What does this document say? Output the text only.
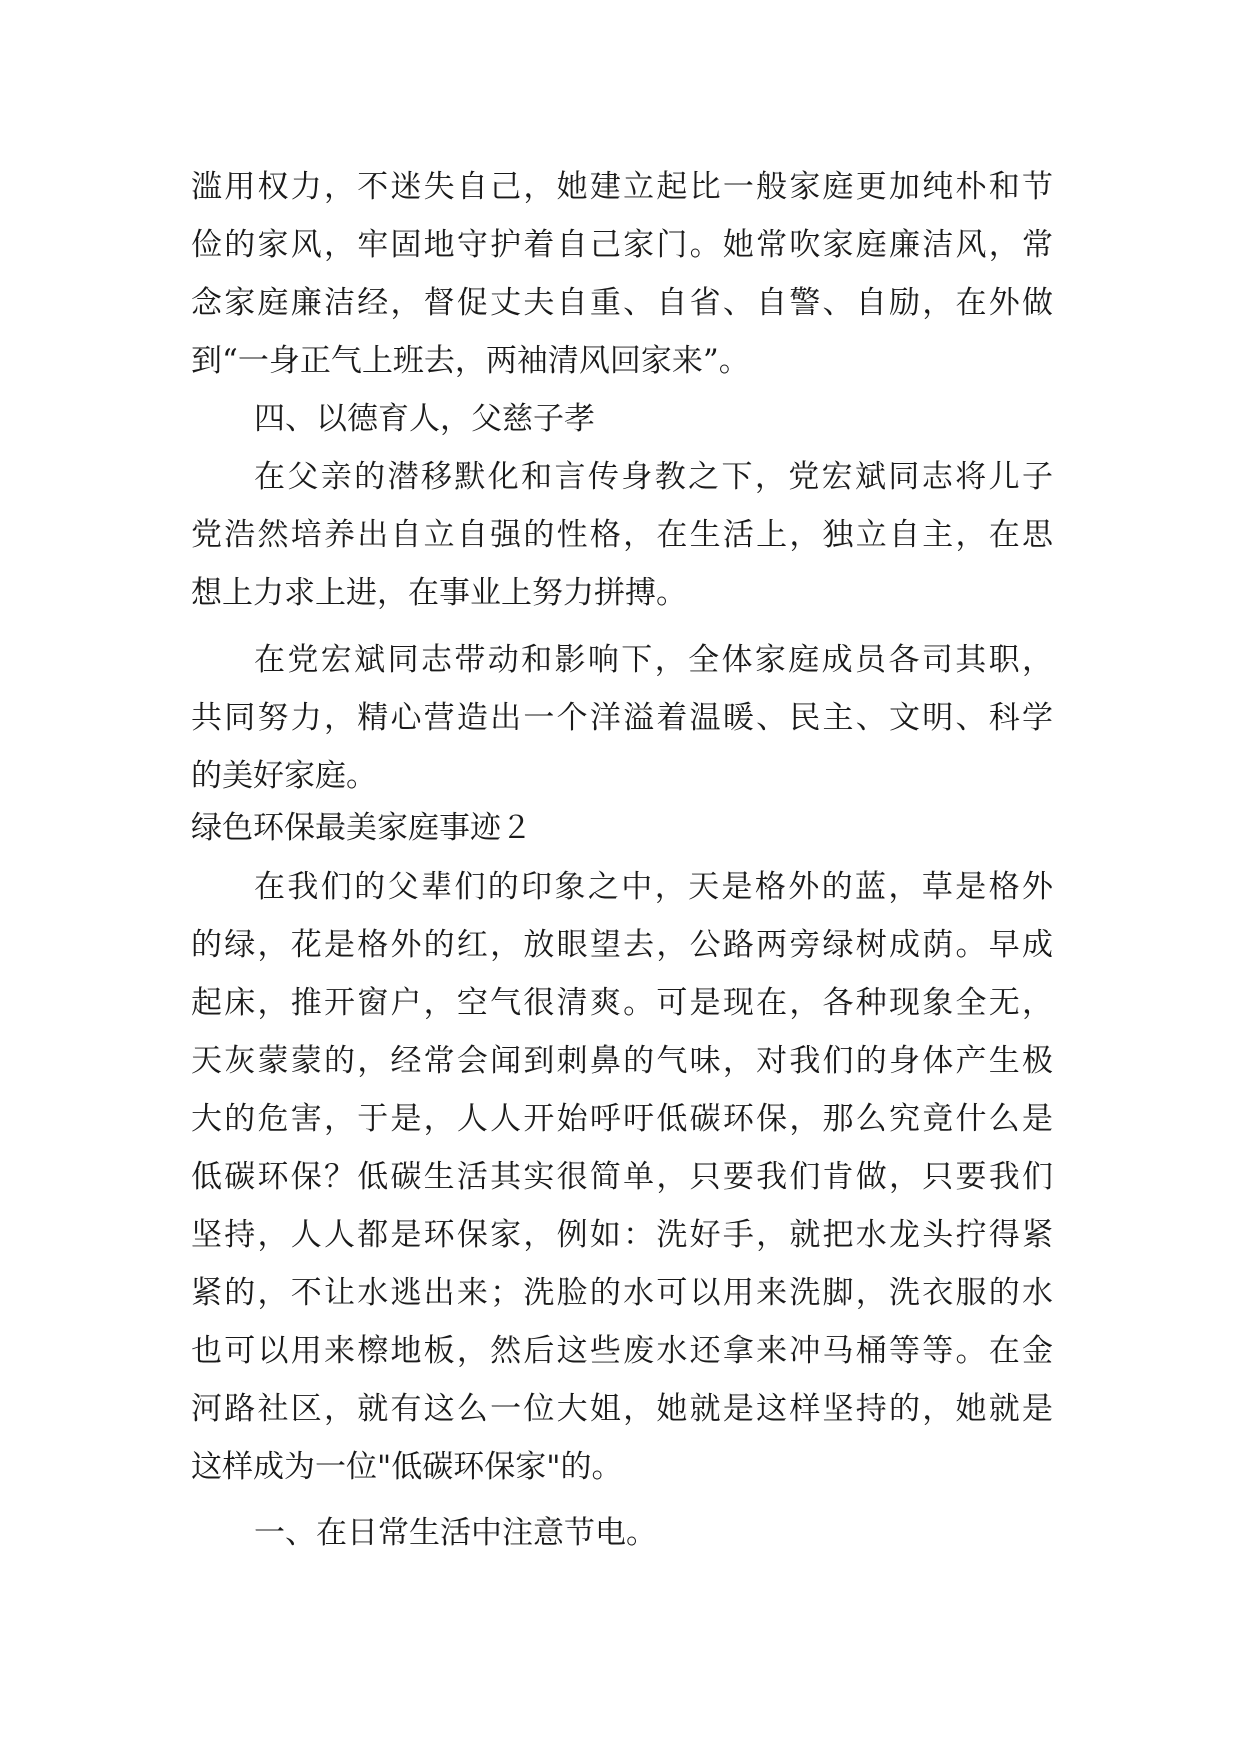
滥用权力，不迷失自己，她建立起比一般家庭更加纯朴和节
俭的家风，牢固地守护着自己家门。她常吹家庭廉洁风，常
念家庭廉洁经，督促丈夫自重、自省、自警、自励，在外做
到“一身正气上班去，两袖清风回家来”。
四、以德育人，父慈子孝
在父亲的潜移默化和言传身教之下，党宏斌同志将儿子
党浩然培养出自立自强的性格，在生活上，独立自主，在思
想上力求上进，在事业上努力拼搏。
在党宏斌同志带动和影响下，全体家庭成员各司其职，
共同努力，精心营造出一个洋溢着温暖、民主、文明、科学
的美好家庭。
绿色环保最美家庭事迹２
在我们的父辈们的印象之中，天是格外的蓝，草是格外
的绿，花是格外的红，放眼望去，公路两旁绿树成荫。早成
起床，推开窗户，空气很清爽。可是现在，各种现象全无，
天灰蒙蒙的，经常会闻到刺鼻的气味，对我们的身体产生极
大的危害，于是，人人开始呼吁低碳环保，那么究竟什么是
低碳环保？低碳生活其实很简单，只要我们肯做，只要我们
坚持，人人都是环保家，例如：洗好手，就把水龙头拧得紧
紧的，不让水逃出来；洗脸的水可以用来洗脚，洗衣服的水
也可以用来檫地板，然后这些废水还拿来冲马桶等等。在金
河路社区，就有这么一位大姐，她就是这样坚持的，她就是
这样成为一位"低碳环保家"的。
一、在日常生活中注意节电。
